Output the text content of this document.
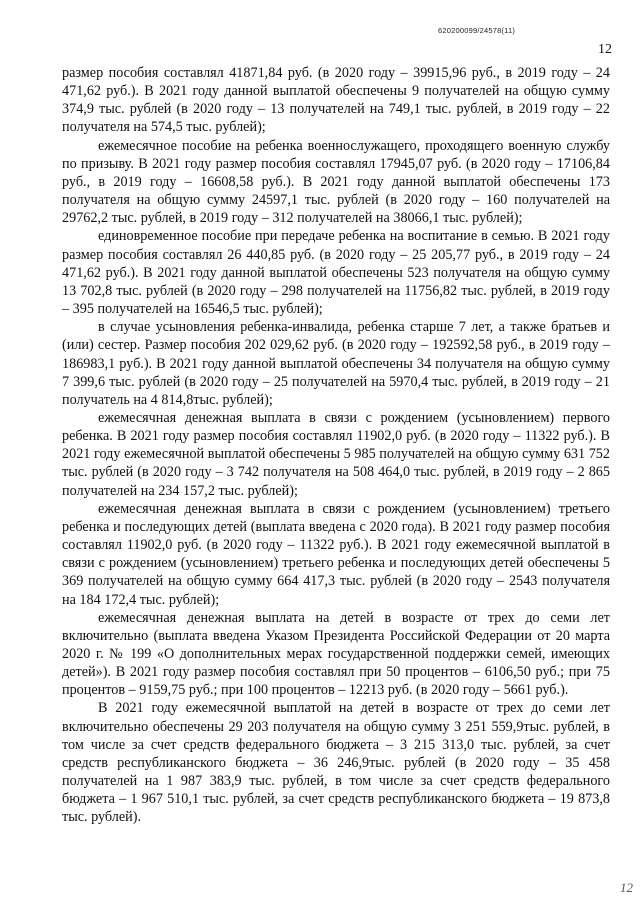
620200099/24578(11)
12

размер пособия составлял 41871,84 руб. (в 2020 году – 39915,96 руб., в 2019 году – 24 471,62 руб.). В 2021 году данной выплатой обеспечены 9 получателей на общую сумму 374,9 тыс. рублей (в 2020 году – 13 получателей на 749,1 тыс. рублей, в 2019 году – 22 получателя на 574,5 тыс. рублей);

ежемесячное пособие на ребенка военнослужащего, проходящего военную службу по призыву. В 2021 году размер пособия составлял 17945,07 руб. (в 2020 году – 17106,84 руб., в 2019 году – 16608,58 руб.). В 2021 году данной выплатой обеспечены 173 получателя на общую сумму 24597,1 тыс. рублей (в 2020 году – 160 получателей на 29762,2 тыс. рублей, в 2019 году – 312 получателей на 38066,1 тыс. рублей);

единовременное пособие при передаче ребенка на воспитание в семью. В 2021 году размер пособия составлял 26 440,85 руб. (в 2020 году – 25 205,77 руб., в 2019 году – 24 471,62 руб.). В 2021 году данной выплатой обеспечены 523 получателя на общую сумму 13 702,8 тыс. рублей (в 2020 году – 298 получателей на 11756,82 тыс. рублей, в 2019 году – 395 получателей на 16546,5 тыс. рублей);

в случае усыновления ребенка-инвалида, ребенка старше 7 лет, а также братьев и (или) сестер. Размер пособия 202 029,62 руб. (в 2020 году – 192592,58 руб., в 2019 году – 186983,1 руб.). В 2021 году данной выплатой обеспечены 34 получателя на общую сумму 7 399,6 тыс. рублей (в 2020 году – 25 получателей на 5970,4 тыс. рублей, в 2019 году – 21 получатель на 4 814,8тыс. рублей);

ежемесячная денежная выплата в связи с рождением (усыновлением) первого ребенка. В 2021 году размер пособия составлял 11902,0 руб. (в 2020 году – 11322 руб.). В 2021 году ежемесячной выплатой обеспечены 5 985 получателей на общую сумму 631 752 тыс. рублей (в 2020 году – 3 742 получателя на 508 464,0 тыс. рублей, в 2019 году – 2 865 получателей на 234 157,2 тыс. рублей);

ежемесячная денежная выплата в связи с рождением (усыновлением) третьего ребенка и последующих детей (выплата введена с 2020 года). В 2021 году размер пособия составлял 11902,0 руб. (в 2020 году – 11322 руб.). В 2021 году ежемесячной выплатой в связи с рождением (усыновлением) третьего ребенка и последующих детей обеспечены 5 369 получателей на общую сумму 664 417,3 тыс. рублей (в 2020 году – 2543 получателя на 184 172,4 тыс. рублей);

ежемесячная денежная выплата на детей в возрасте от трех до семи лет включительно (выплата введена Указом Президента Российской Федерации от 20 марта 2020 г. № 199 «О дополнительных мерах государственной поддержки семей, имеющих детей»). В 2021 году размер пособия составлял при 50 процентов – 6106,50 руб.; при 75 процентов – 9159,75 руб.; при 100 процентов – 12213 руб. (в 2020 году – 5661 руб.).

В 2021 году ежемесячной выплатой на детей в возрасте от трех до семи лет включительно обеспечены 29 203 получателя на общую сумму 3 251 559,9тыс. рублей, в том числе за счет средств федерального бюджета – 3 215 313,0 тыс. рублей, за счет средств республиканского бюджета – 36 246,9тыс. рублей (в 2020 году – 35 458 получателей на 1 987 383,9 тыс. рублей, в том числе за счет средств федерального бюджета – 1 967 510,1 тыс. рублей, за счет средств республиканского бюджета – 19 873,8 тыс. рублей).

12
